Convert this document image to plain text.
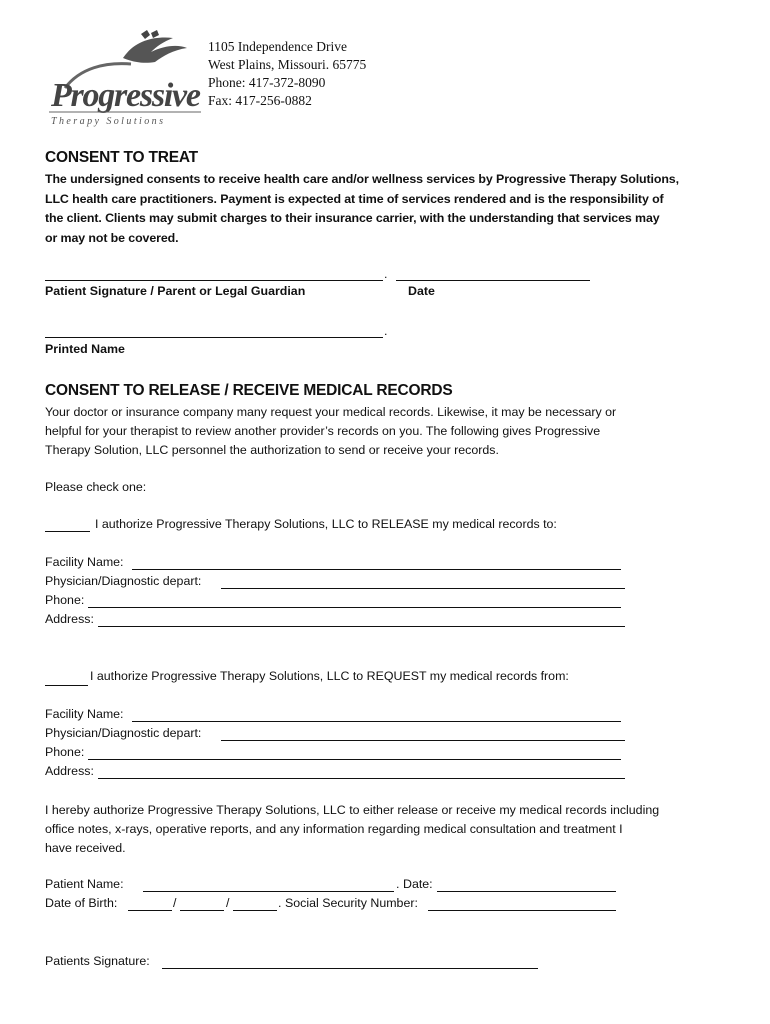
Progressive
Therapy Solutions
1105 Independence Drive
West Plains, Missouri. 65775
Phone: 417-372-8090
Fax: 417-256-0882
CONSENT TO TREAT
The undersigned consents to receive health care and/or wellness services by Progressive Therapy Solutions,
LLC health care practitioners. Payment is expected at time of services rendered and is the responsibility of
the client. Clients may submit charges to their insurance carrier, with the understanding that services may
or may not be covered.
.
Patient Signature / Parent or Legal Guardian	Date
.
Printed Name
CONSENT TO RELEASE / RECEIVE MEDICAL RECORDS
Your doctor or insurance company many request your medical records. Likewise, it may be necessary or
helpful for your therapist to review another provider’s records on you. The following gives Progressive
Therapy Solution, LLC personnel the authorization to send or receive your records.
Please check one:
I authorize Progressive Therapy Solutions, LLC to RELEASE my medical records to:
Facility Name:
Physician/Diagnostic depart:
Phone:
Address:
I authorize Progressive Therapy Solutions, LLC to REQUEST my medical records from:
Facility Name:
Physician/Diagnostic depart:
Phone:
Address:
I hereby authorize Progressive Therapy Solutions, LLC to either release or receive my medical records including
office notes, x-rays, operative reports, and any information regarding medical consultation and treatment I
have received.
Patient Name:	. Date:
Date of Birth:	/	/	. Social Security Number:
Patients Signature:
